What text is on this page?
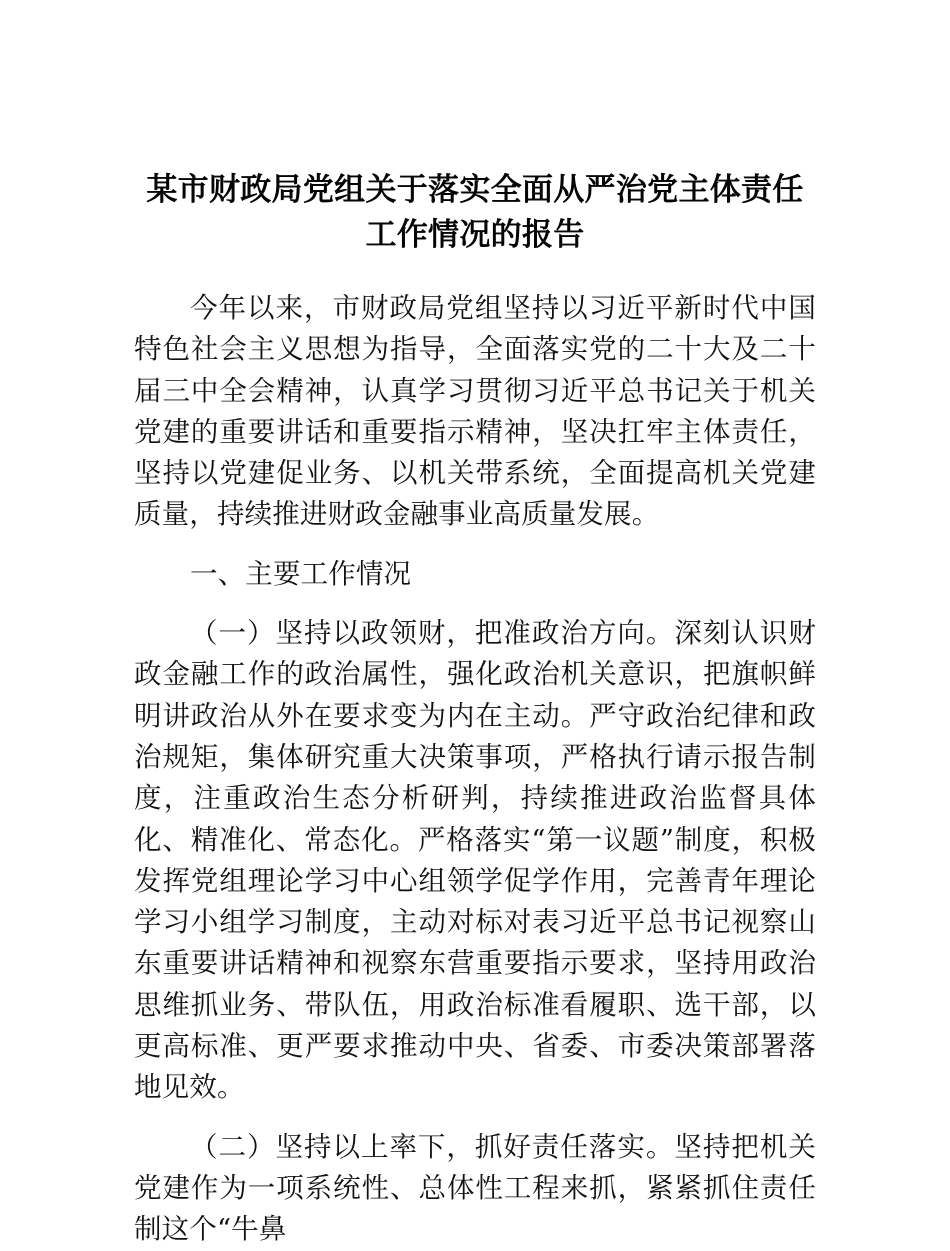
某市财政局党组关于落实全面从严治党主体责任工作情况的报告

今年以来，市财政局党组坚持以习近平新时代中国特色社会主义思想为指导，全面落实党的二十大及二十届三中全会精神，认真学习贯彻习近平总书记关于机关党建的重要讲话和重要指示精神，坚决扛牢主体责任，坚持以党建促业务、以机关带系统，全面提高机关党建质量，持续推进财政金融事业高质量发展。

一、主要工作情况

（一）坚持以政领财，把准政治方向。深刻认识财政金融工作的政治属性，强化政治机关意识，把旗帜鲜明讲政治从外在要求变为内在主动。严守政治纪律和政治规矩，集体研究重大决策事项，严格执行请示报告制度，注重政治生态分析研判，持续推进政治监督具体化、精准化、常态化。严格落实“第一议题”制度，积极发挥党组理论学习中心组领学促学作用，完善青年理论学习小组学习制度，主动对标对表习近平总书记视察山东重要讲话精神和视察东营重要指示要求，坚持用政治思维抓业务、带队伍，用政治标准看履职、选干部，以更高标准、更严要求推动中央、省委、市委决策部署落地见效。

（二）坚持以上率下，抓好责任落实。坚持把机关党建作为一项系统性、总体性工程来抓，紧紧抓住责任制这个“牛鼻
